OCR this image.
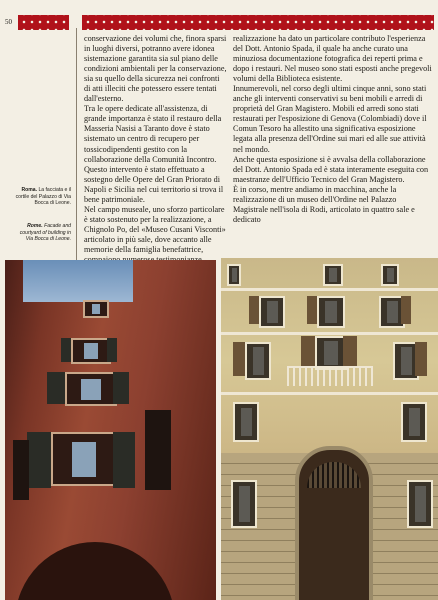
50
Roma. La facciata e il cortile del Palazzo di Via Bocca di Leone.
Rome. Facade and courtyard of building in Via Bocca di Leone.

conservazione dei volumi che, finora sparsi in luoghi diversi, potranno avere idonea sistemazione garantita sia sul piano delle condizioni ambientali per la conservazione, sia su quello della sicurezza nei confronti di atti illeciti che potessero essere tentati dall'esterno.

Tra le opere dedicate all'assistenza, di grande importanza è stato il restauro della Masseria Nasisi a Taranto dove è stato sistemato un centro di recupero per tossicodipendenti gestito con la collaborazione della Comunità Incontro. Questo intervento è stato effettuato a sostegno delle Opere del Gran Priorato di Napoli e Sicilia nel cui territorio si trova il bene patrimoniale.

Nel campo museale, uno sforzo particolare è stato sostenuto per la realizzazione, a Chignolo Po, del «Museo Cusani Visconti» articolato in più sale, dove accanto alle memorie della famiglia benefattrice,

realizzazione ha dato un particolare contributo l'esperienza del Dott. Antonio Spada, il quale ha anche curato una minuziosa documentazione fotografica dei reperti prima e dopo i restauri. Nel museo sono stati esposti anche pregevoli volumi della Biblioteca esistente.

Innumerevoli, nel corso degli ultimi cinque anni, sono stati anche gli interventi conservativi su beni mobili e arredi di proprietà del Gran Magistero. Mobili ed arredi sono stati restaurati per l'esposizione di Genova (Colombiadi) dove il Comun Tesoro ha allestito una significativa esposizione legata alla presenza dell'Ordine sui mari ed alle sue attività nel mondo.

Anche questa esposizione si è avvalsa della collaborazione del Dott. Antonio Spada ed è stata interamente eseguita con maestranze dell'Ufficio Tecnico del Gran Magistero.

È in corso, mentre andiamo in macchina, anche la realizzazione di un museo dell'Ordine nel Palazzo Magistrale nell'isola di Rodi, articolato in quattro sale e dedicato
